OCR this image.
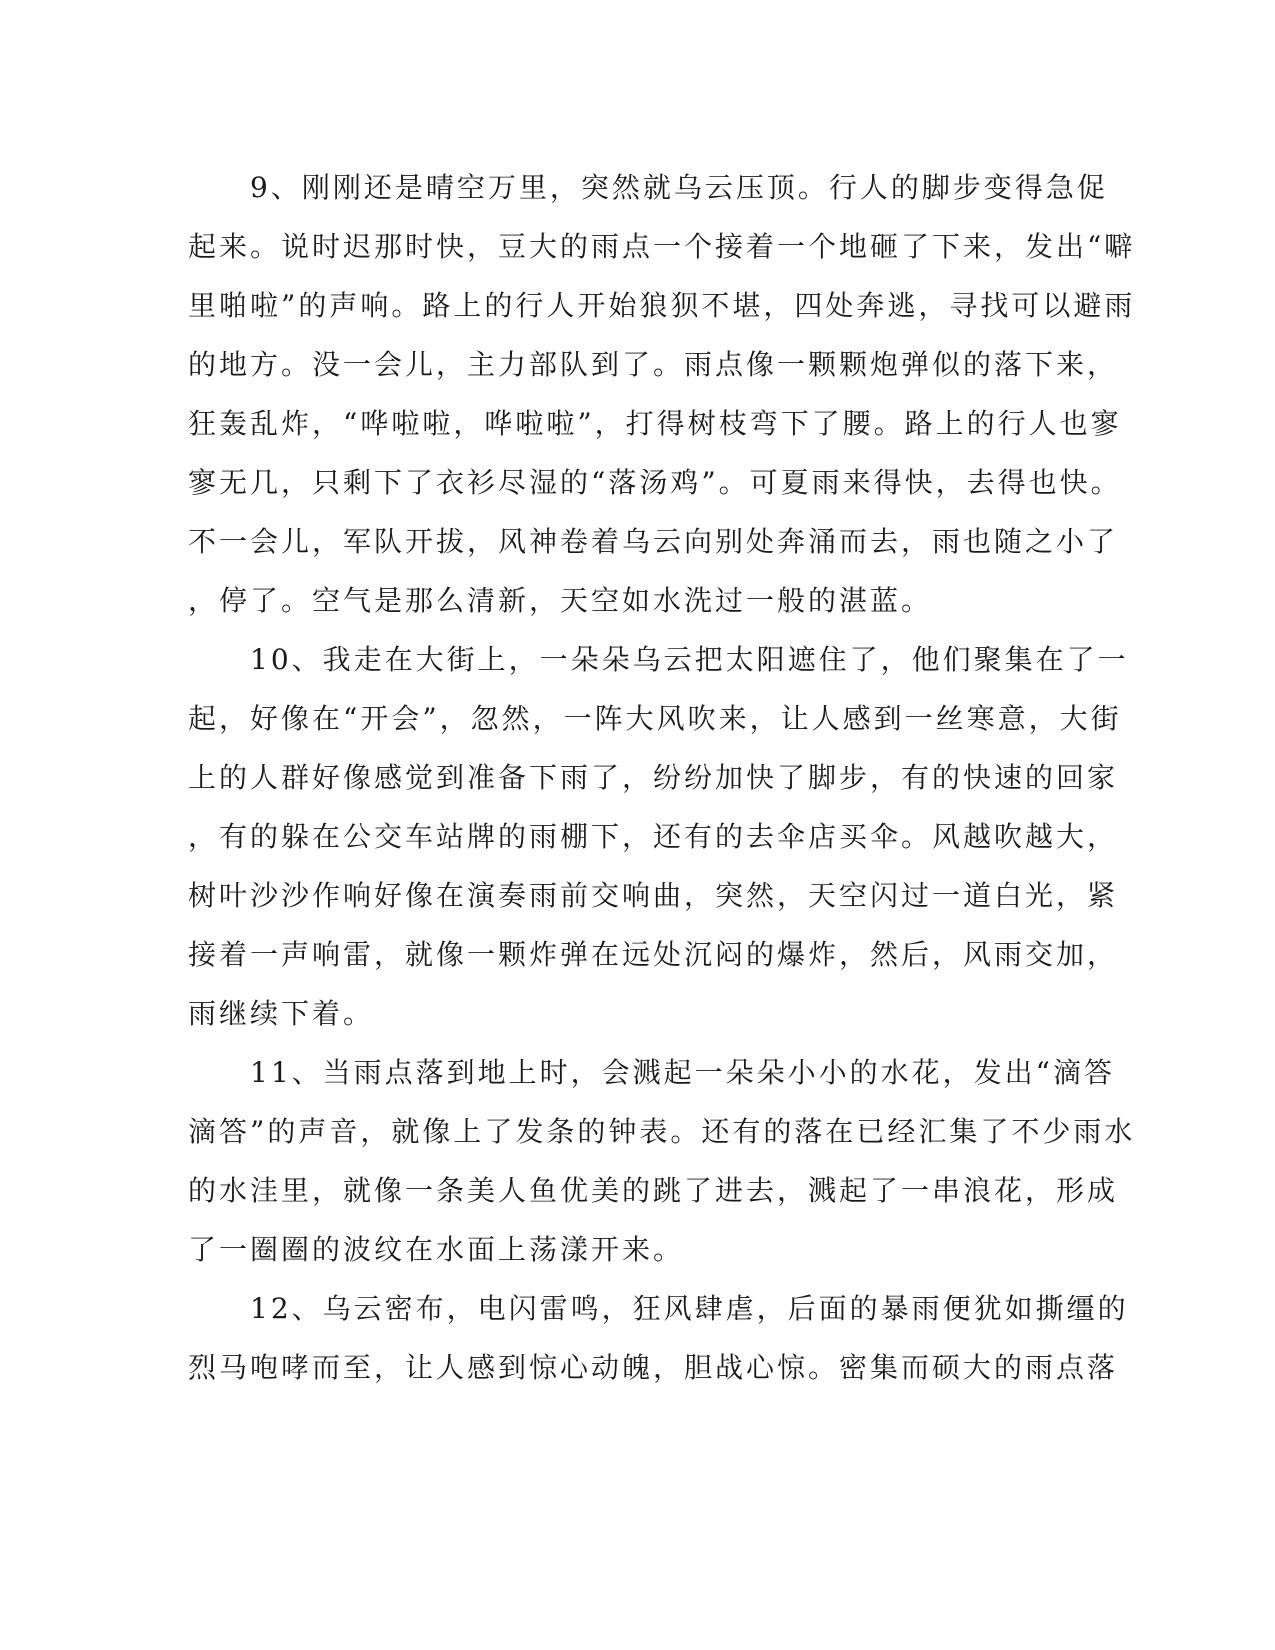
　　9、刚刚还是晴空万里，突然就乌云压顶。行人的脚步变得急促
起来。说时迟那时快，豆大的雨点一个接着一个地砸了下来，发出“噼
里啪啦”的声响。路上的行人开始狼狈不堪，四处奔逃，寻找可以避雨
的地方。没一会儿，主力部队到了。雨点像一颗颗炮弹似的落下来，
狂轰乱炸，“哗啦啦，哗啦啦”，打得树枝弯下了腰。路上的行人也寥
寥无几，只剩下了衣衫尽湿的“落汤鸡”。可夏雨来得快，去得也快。
不一会儿，军队开拔，风神卷着乌云向别处奔涌而去，雨也随之小了
，停了。空气是那么清新，天空如水洗过一般的湛蓝。
　　10、我走在大街上，一朵朵乌云把太阳遮住了，他们聚集在了一
起，好像在“开会”，忽然，一阵大风吹来，让人感到一丝寒意，大街
上的人群好像感觉到准备下雨了，纷纷加快了脚步，有的快速的回家
，有的躲在公交车站牌的雨棚下，还有的去伞店买伞。风越吹越大，
树叶沙沙作响好像在演奏雨前交响曲，突然，天空闪过一道白光，紧
接着一声响雷，就像一颗炸弹在远处沉闷的爆炸，然后，风雨交加，
雨继续下着。
　　11、当雨点落到地上时，会溅起一朵朵小小的水花，发出“滴答
滴答”的声音，就像上了发条的钟表。还有的落在已经汇集了不少雨水
的水洼里，就像一条美人鱼优美的跳了进去，溅起了一串浪花，形成
了一圈圈的波纹在水面上荡漾开来。
　　12、乌云密布，电闪雷鸣，狂风肆虐，后面的暴雨便犹如撕缰的
烈马咆哮而至，让人感到惊心动魄，胆战心惊。密集而硕大的雨点落
